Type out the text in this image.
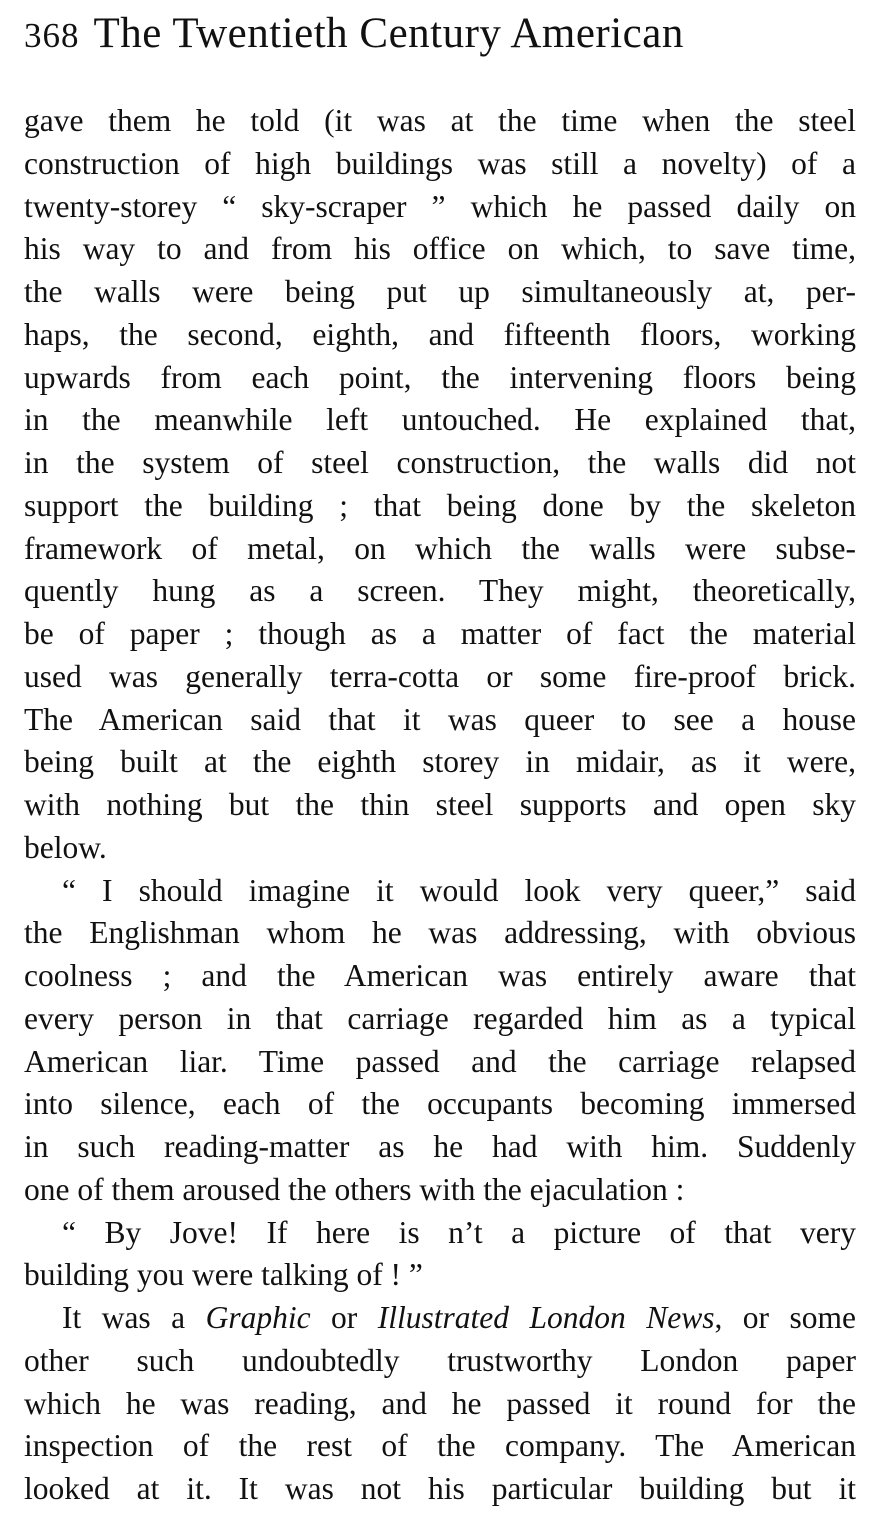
368 The Twentieth Century American
gave them he told (it was at the time when the steel
construction of high buildings was still a novelty) of a
twenty-storey “ sky-scraper ” which he passed daily on
his way to and from his office on which, to save time,
the walls were being put up simultaneously at, per-
haps, the second, eighth, and fifteenth floors, working
upwards from each point, the intervening floors being
in the meanwhile left untouched. He explained that,
in the system of steel construction, the walls did not
support the building ; that being done by the skeleton
framework of metal, on which the walls were subse-
quently hung as a screen. They might, theoretically,
be of paper ; though as a matter of fact the material
used was generally terra-cotta or some fire-proof brick.
The American said that it was queer to see a house
being built at the eighth storey in midair, as it were,
with nothing but the thin steel supports and open sky
below.
“ I should imagine it would look very queer,” said
the Englishman whom he was addressing, with obvious
coolness ; and the American was entirely aware that
every person in that carriage regarded him as a typical
American liar. Time passed and the carriage relapsed
into silence, each of the occupants becoming immersed
in such reading-matter as he had with him. Suddenly
one of them aroused the others with the ejaculation :
“ By Jove! If here is n’t a picture of that very
building you were talking of ! ”
It was a Graphic or Illustrated London News, or some
other such undoubtedly trustworthy London paper
which he was reading, and he passed it round for the
inspection of the rest of the company. The American
looked at it. It was not his particular building but it
